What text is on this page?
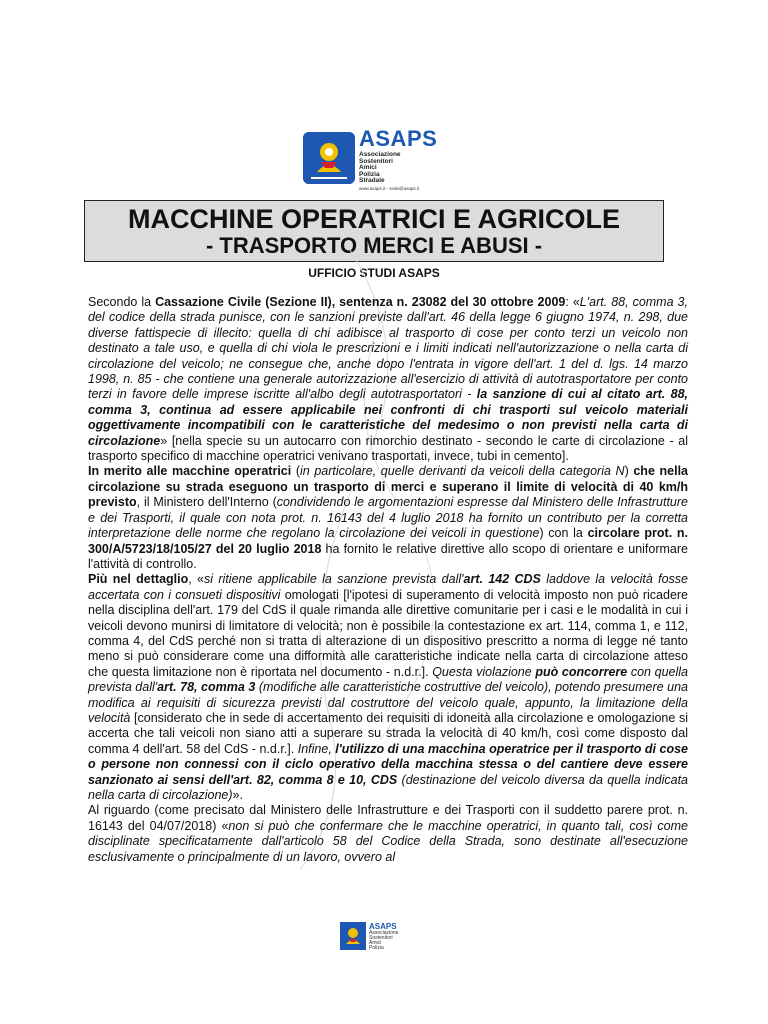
ASAPS
Associazione
Sostenitori
Amici
Polizia
Stradale
www.asaps.it - sede@asaps.it
MACCHINE OPERATRICI E AGRICOLE
- TRASPORTO MERCI E ABUSI -
UFFICIO STUDI ASAPS

Secondo la Cassazione Civile (Sezione II), sentenza n. 23082 del 30 ottobre 2009: «L'art. 88, comma 3, del codice della strada punisce, con le sanzioni previste dall'art. 46 della legge 6 giugno 1974, n. 298, due diverse fattispecie di illecito: quella di chi adibisce al trasporto di cose per conto terzi un veicolo non destinato a tale uso, e quella di chi viola le prescrizioni e i limiti indicati nell'autorizzazione o nella carta di circolazione del veicolo; ne consegue che, anche dopo l'entrata in vigore dell'art. 1 del d. lgs. 14 marzo 1998, n. 85 - che contiene una generale autorizzazione all'esercizio di attività di autotrasportatore per conto terzi in favore delle imprese iscritte all'albo degli autotrasportatori - la sanzione di cui al citato art. 88, comma 3, continua ad essere applicabile nei confronti di chi trasporti sul veicolo materiali oggettivamente incompatibili con le caratteristiche del medesimo o non previsti nella carta di circolazione» [nella specie su un autocarro con rimorchio destinato - secondo le carte di circolazione - al trasporto specifico di macchine operatrici venivano trasportati, invece, tubi in cemento].

In merito alle macchine operatrici (in particolare, quelle derivanti da veicoli della categoria N) che nella circolazione su strada eseguono un trasporto di merci e superano il limite di velocità di 40 km/h previsto, il Ministero dell'Interno (condividendo le argomentazioni espresse dal Ministero delle Infrastrutture e dei Trasporti, il quale con nota prot. n. 16143 del 4 luglio 2018 ha fornito un contributo per la corretta interpretazione delle norme che regolano la circolazione dei veicoli in questione) con la circolare prot. n. 300/A/5723/18/105/27 del 20 luglio 2018 ha fornito le relative direttive allo scopo di orientare e uniformare l'attività di controllo.

Più nel dettaglio, «si ritiene applicabile la sanzione prevista dall'art. 142 CDS laddove la velocità fosse accertata con i consueti dispositivi omologati [l'ipotesi di superamento di velocità imposto non può ricadere nella disciplina dell'art. 179 del CdS il quale rimanda alle direttive comunitarie per i casi e le modalità in cui i veicoli devono munirsi di limitatore di velocità; non è possibile la contestazione ex art. 114, comma 1, e 112, comma 4, del CdS perché non si tratta di alterazione di un dispositivo prescritto a norma di legge né tanto meno si può considerare come una difformità alle caratteristiche indicate nella carta di circolazione atteso che questa limitazione non è riportata nel documento - n.d.r.]. Questa violazione può concorrere con quella prevista dall'art. 78, comma 3 (modifiche alle caratteristiche costruttive del veicolo), potendo presumere una modifica ai requisiti di sicurezza previsti dal costruttore del veicolo quale, appunto, la limitazione della velocità [considerato che in sede di accertamento dei requisiti di idoneità alla circolazione e omologazione si accerta che tali veicoli non siano atti a superare su strada la velocità di 40 km/h, così come disposto dal comma 4 dell'art. 58 del CdS - n.d.r.]. Infine, l'utilizzo di una macchina operatrice per il trasporto di cose o persone non connessi con il ciclo operativo della macchina stessa o del cantiere deve essere sanzionato ai sensi dell'art. 82, comma 8 e 10, CDS (destinazione del veicolo diversa da quella indicata nella carta di circolazione)».

Al riguardo (come precisato dal Ministero delle Infrastrutture e dei Trasporti con il suddetto parere prot. n. 16143 del 04/07/2018) «non si può che confermare che le macchine operatrici, in quanto tali, così come disciplinate specificatamente dall'articolo 58 del Codice della Strada, sono destinate all'esecuzione esclusivamente o principalmente di un lavoro, ovvero al

ASAPS
Associazione
Sostenitori
Amici
Polizia
